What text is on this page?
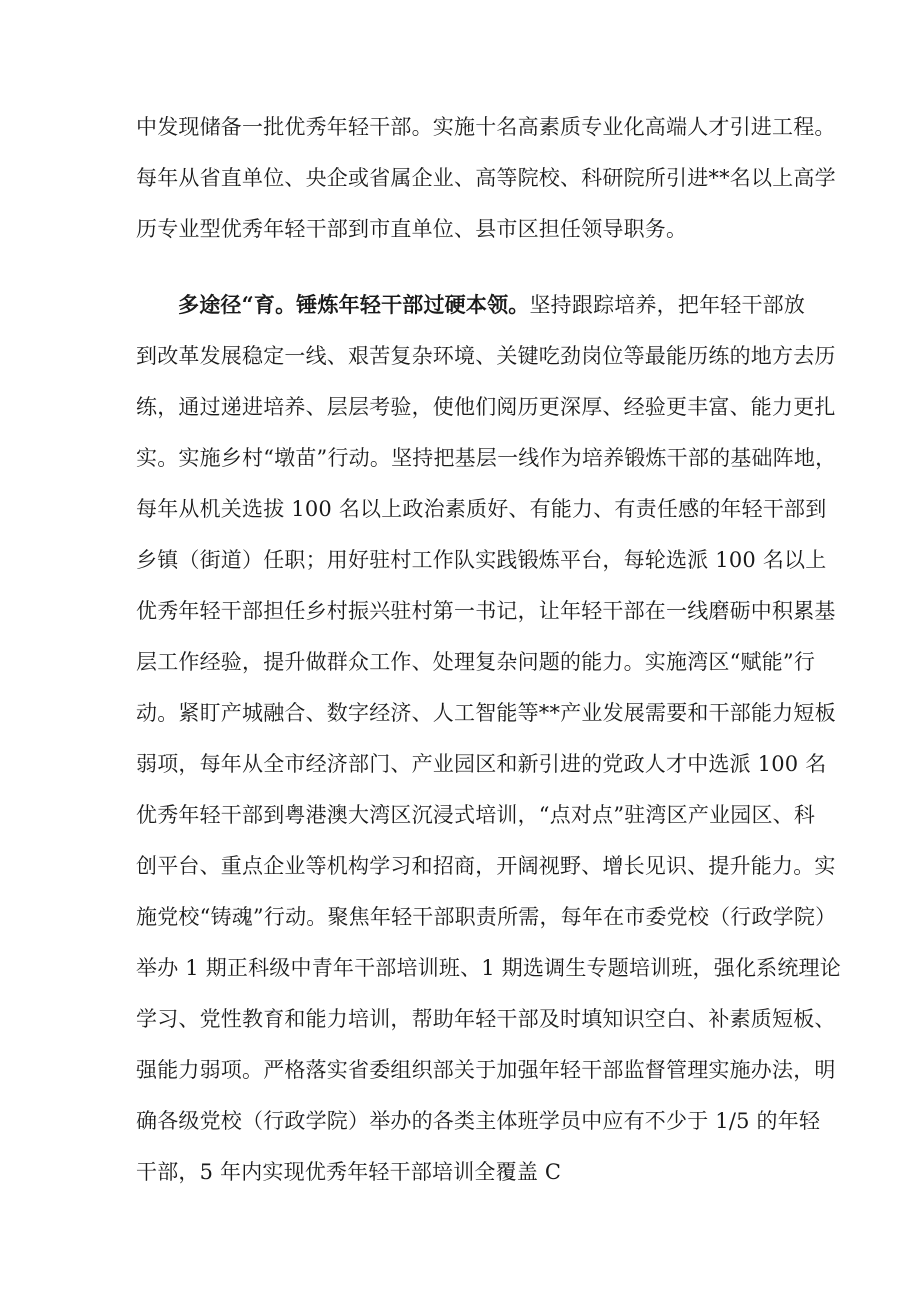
中发现储备一批优秀年轻干部。实施十名高素质专业化高端人才引进工程。
每年从省直单位、央企或省属企业、高等院校、科研院所引进**名以上高学
历专业型优秀年轻干部到市直单位、县市区担任领导职务。
多途径“育。锤炼年轻干部过硬本领。坚持跟踪培养，把年轻干部放
到改革发展稳定一线、艰苦复杂环境、关键吃劲岗位等最能历练的地方去历
练，通过递进培养、层层考验，使他们阅历更深厚、经验更丰富、能力更扎
实。实施乡村“墩苗”行动。坚持把基层一线作为培养锻炼干部的基础阵地，
每年从机关选拔 100 名以上政治素质好、有能力、有责任感的年轻干部到
乡镇（街道）任职；用好驻村工作队实践锻炼平台，每轮选派 100 名以上
优秀年轻干部担任乡村振兴驻村第一书记，让年轻干部在一线磨砺中积累基
层工作经验，提升做群众工作、处理复杂问题的能力。实施湾区“赋能”行
动。紧盯产城融合、数字经济、人工智能等**产业发展需要和干部能力短板
弱项，每年从全市经济部门、产业园区和新引进的党政人才中选派 100 名
优秀年轻干部到粤港澳大湾区沉浸式培训，“点对点”驻湾区产业园区、科
创平台、重点企业等机构学习和招商，开阔视野、增长见识、提升能力。实
施党校“铸魂”行动。聚焦年轻干部职责所需，每年在市委党校（行政学院）
举办 1 期正科级中青年干部培训班、1 期选调生专题培训班，强化系统理论
学习、党性教育和能力培训，帮助年轻干部及时填知识空白、补素质短板、
强能力弱项。严格落实省委组织部关于加强年轻干部监督管理实施办法，明
确各级党校（行政学院）举办的各类主体班学员中应有不少于 1/5 的年轻
干部，5 年内实现优秀年轻干部培训全覆盖 C
